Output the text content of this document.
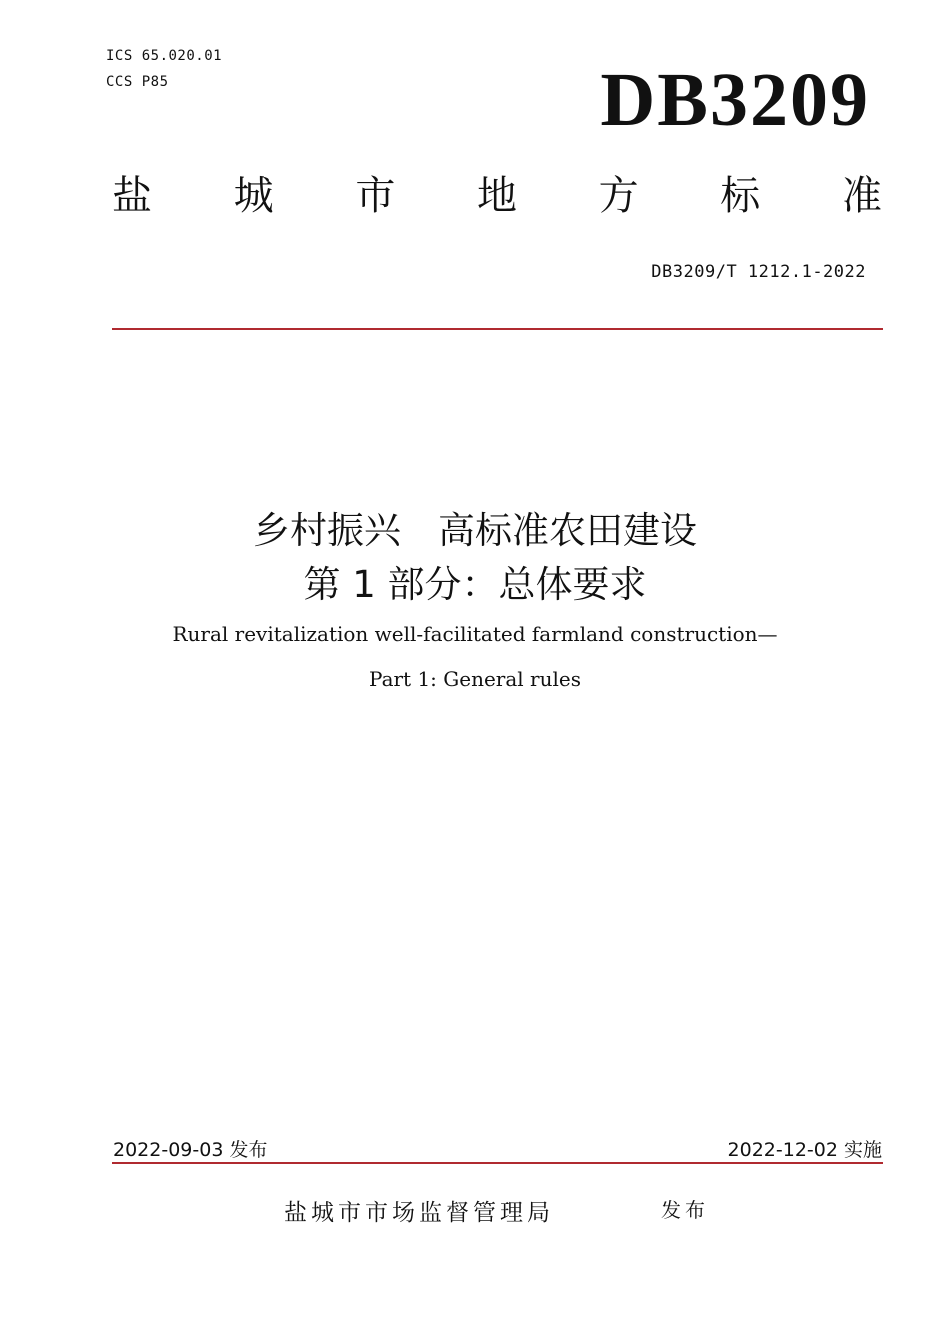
ICS 65.020.01
CCS P85	DB3209
盐 城 市 地 方 标 准
DB3209/T 1212.1-2022
乡村振兴　高标准农田建设
第 1 部分：总体要求
Rural revitalization well-facilitated farmland construction—
Part 1: General rules
2022-09-03 发布	2022-12-02 实施
盐城市市场监督管理局	发布
